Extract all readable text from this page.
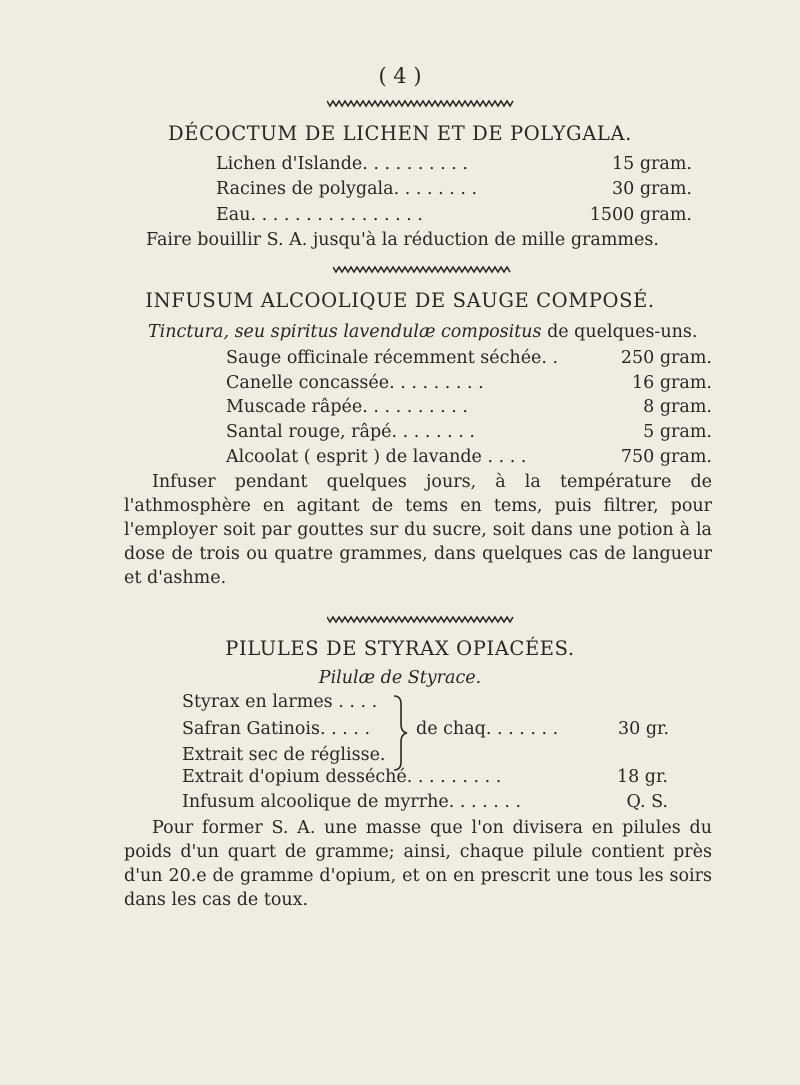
( 4 )
DÉCOCTUM DE LICHEN ET DE POLYGALA.
Lichen d'Islande. . . . . . . . . .	15 gram.
Racines de polygala. . . . . . . .	30 gram.
Eau. . . . . . . . . . . . . . . .	1500 gram.
Faire bouillir S. A. jusqu'à la réduction de mille grammes.
INFUSUM ALCOOLIQUE DE SAUGE COMPOSÉ.
Tinctura, seu spiritus lavendulæ compositus de quelques-uns.
Sauge officinale récemment séchée. .	250 gram.
Canelle concassée. . . . . . . . .	16 gram.
Muscade râpée. . . . . . . . . .	8 gram.
Santal rouge, râpé. . . . . . . .	5 gram.
Alcoolat ( esprit ) de lavande . . . .	750 gram.

Infuser pendant quelques jours, à la température de l'athmosphère en agitant de tems en tems, puis filtrer, pour l'employer soit par gouttes sur du sucre, soit dans une potion à la dose de trois ou quatre grammes, dans quelques cas de langueur et d'ashme.

PILULES DE STYRAX OPIACÉES.
Pilulæ de Styrace.
Styrax en larmes . . . .
Safran Gatinois. . . . .
Extrait sec de réglisse.
de chaq. . . . . . .	30 gr.
Extrait d'opium desséché. . . . . . . . .	18 gr.
Infusum alcoolique de myrrhe. . . . . . .	Q. S.

Pour former S. A. une masse que l'on divisera en pilules du poids d'un quart de gramme; ainsi, chaque pilule contient près d'un 20.e de gramme d'opium, et on en prescrit une tous les soirs dans les cas de toux.
